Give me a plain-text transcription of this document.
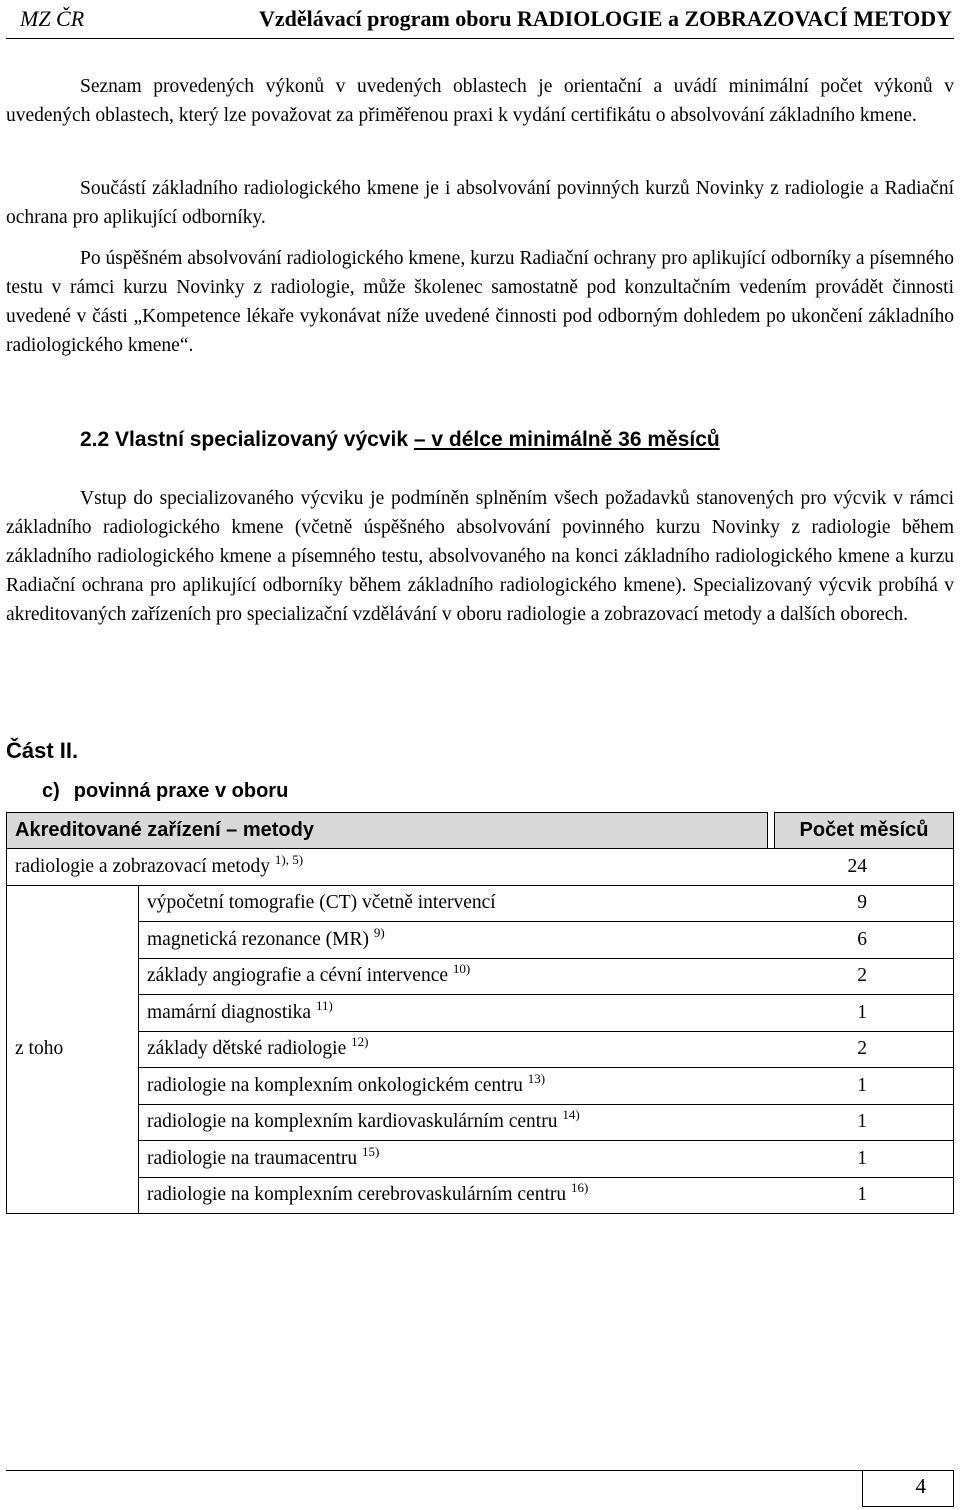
MZ ČR	Vzdělávací program oboru RADIOLOGIE a ZOBRAZOVACÍ METODY

Seznam provedených výkonů v uvedených oblastech je orientační a uvádí minimální počet výkonů v uvedených oblastech, který lze považovat za přiměřenou praxi k vydání certifikátu o absolvování základního kmene.

Součástí základního radiologického kmene je i absolvování povinných kurzů Novinky z radiologie a Radiační ochrana pro aplikující odborníky.

Po úspěšném absolvování radiologického kmene, kurzu Radiační ochrany pro aplikující odborníky a písemného testu v rámci kurzu Novinky z radiologie, může školenec samostatně pod konzultačním vedením provádět činnosti uvedené v části „Kompetence lékaře vykonávat níže uvedené činnosti pod odborným dohledem po ukončení základního radiologického kmene“.

2.2 Vlastní specializovaný výcvik – v délce minimálně 36 měsíců

Vstup do specializovaného výcviku je podmíněn splněním všech požadavků stanovených pro výcvik v rámci základního radiologického kmene (včetně úspěšného absolvování povinného kurzu Novinky z radiologie během základního radiologického kmene a písemného testu, absolvovaného na konci základního radiologického kmene a kurzu Radiační ochrana pro aplikující odborníky během základního radiologického kmene). Specializovaný výcvik probíhá v akreditovaných zařízeních pro specializační vzdělávání v oboru radiologie a zobrazovací metody a dalších oborech.

Část II.
c) povinná praxe v oboru
Akreditované zařízení – metody			Počet měsíců
radiologie a zobrazovací metody $^{1), 5)}$			24
z toho	výpočetní tomografie (CT) včetně intervencí		9
	magnetická rezonance (MR) $^{9)}$		6
	základy angiografie a cévní intervence $^{10)}$		2
	mamární diagnostika $^{11)}$		1
	základy dětské radiologie $^{12)}$		2
	radiologie na komplexním onkologickém centru $^{13)}$		1
	radiologie na komplexním kardiovaskulárním centru $^{14)}$		1
	radiologie na traumacentru $^{15)}$		1
	radiologie na komplexním cerebrovaskulárním centru $^{16)}$		1
4
